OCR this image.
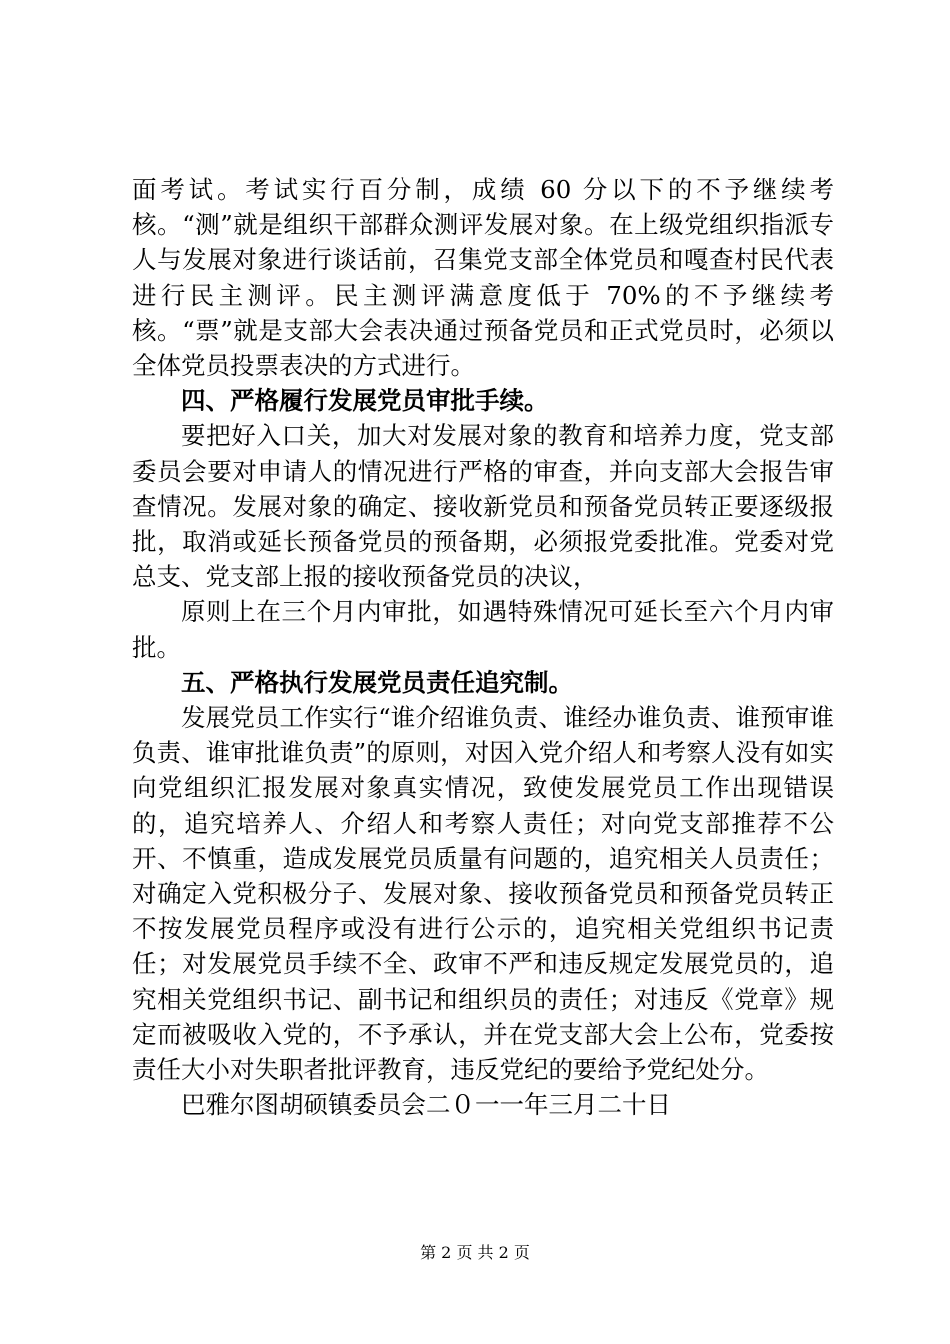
面考试。考试实行百分制，成绩 60 分以下的不予继续考核。“测”就是组织干部群众测评发展对象。在上级党组织指派专人与发展对象进行谈话前，召集党支部全体党员和嘎查村民代表进行民主测评。民主测评满意度低于 70%的不予继续考核。“票”就是支部大会表决通过预备党员和正式党员时，必须以全体党员投票表决的方式进行。

四、严格履行发展党员审批手续。

要把好入口关，加大对发展对象的教育和培养力度，党支部委员会要对申请人的情况进行严格的审查，并向支部大会报告审查情况。发展对象的确定、接收新党员和预备党员转正要逐级报批，取消或延长预备党员的预备期，必须报党委批准。党委对党总支、党支部上报的接收预备党员的决议，

原则上在三个月内审批，如遇特殊情况可延长至六个月内审批。

五、严格执行发展党员责任追究制。

发展党员工作实行“谁介绍谁负责、谁经办谁负责、谁预审谁负责、谁审批谁负责”的原则，对因入党介绍人和考察人没有如实向党组织汇报发展对象真实情况，致使发展党员工作出现错误的，追究培养人、介绍人和考察人责任；对向党支部推荐不公开、不慎重，造成发展党员质量有问题的，追究相关人员责任；对确定入党积极分子、发展对象、接收预备党员和预备党员转正不按发展党员程序或没有进行公示的，追究相关党组织书记责任；对发展党员手续不全、政审不严和违反规定发展党员的，追究相关党组织书记、副书记和组织员的责任；对违反《党章》规定而被吸收入党的，不予承认，并在党支部大会上公布，党委按责任大小对失职者批评教育，违反党纪的要给予党纪处分。

巴雅尔图胡硕镇委员会二０一一年三月二十日

第 2 页 共 2 页
